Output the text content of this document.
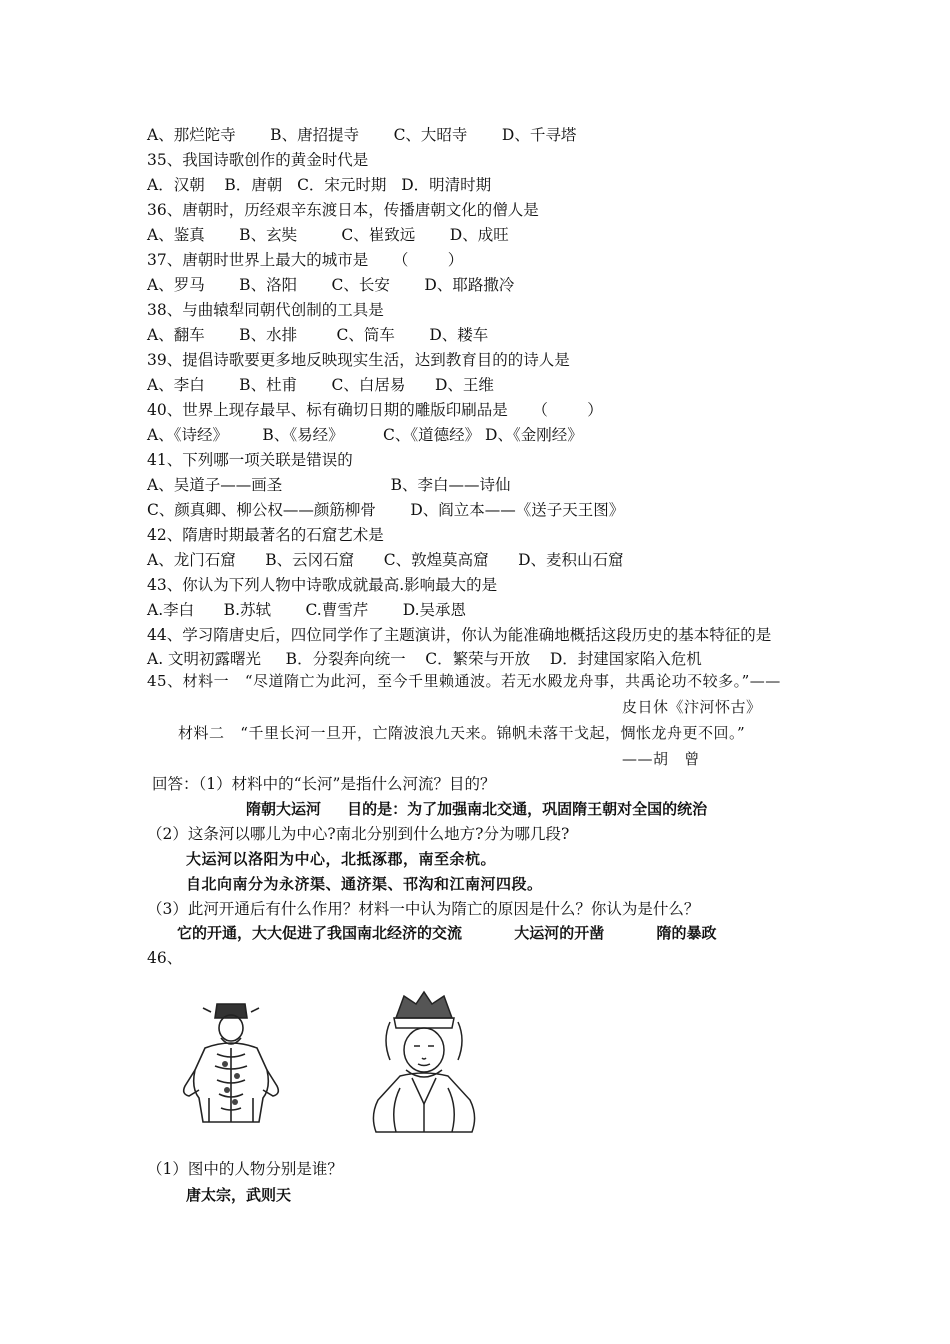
A、那烂陀寺       B、唐招提寺       C、大昭寺       D、千寻塔
35、我国诗歌创作的黄金时代是
A．汉朝    B．唐朝   C．宋元时期   D．明清时期
36、唐朝时，历经艰辛东渡日本，传播唐朝文化的僧人是
A、鉴真       B、玄奘         C、崔致远       D、成旺
37、唐朝时世界上最大的城市是     （        ）
A、罗马       B、洛阳       C、长安       D、耶路撒冷
38、与曲辕犁同朝代创制的工具是
A、翻车       B、水排        C、筒车       D、耧车
39、提倡诗歌要更多地反映现实生活，达到教育目的的诗人是
A、李白       B、杜甫       C、白居易      D、王维
40、世界上现存最早、标有确切日期的雕版印刷品是     （        ）
A、《诗经》       B、《易经》        C、《道德经》 D、《金刚经》
41、下列哪一项关联是错误的
A、吴道子——画圣                      B、李白——诗仙
C、颜真卿、柳公权——颜筋柳骨       D、阎立本——《送子天王图》
42、隋唐时期最著名的石窟艺术是
A、龙门石窟      B、云冈石窟      C、敦煌莫高窟      D、麦积山石窟
43、你认为下列人物中诗歌成就最高.影响最大的是
A.李白      B.苏轼       C.曹雪芹       D.吴承恩
44、学习隋唐史后，四位同学作了主题演讲，你认为能准确地概括这段历史的基本特征的是
A. 文明初露曙光     B．分裂奔向统一    C．繁荣与开放    D．封建国家陷入危机
45、材料一   “尽道隋亡为此河，至今千里赖通波。若无水殿龙舟事，共禹论功不较多。”——
皮日休《汴河怀古》
材料二   “千里长河一旦开，亡隋波浪九天来。锦帆未落干戈起，惆怅龙舟更不回。”
——胡   曾
回答：（1）材料中的“长河”是指什么河流？目的？
隋朝大运河     目的是：为了加强南北交通，巩固隋王朝对全国的统治
（2）这条河以哪儿为中心?南北分别到什么地方?分为哪几段?
大运河以洛阳为中心，北抵涿郡，南至余杭。
自北向南分为永济渠、通济渠、邗沟和江南河四段。
（3）此河开通后有什么作用？材料一中认为隋亡的原因是什么？你认为是什么？
它的开通，大大促进了我国南北经济的交流          大运河的开凿          隋的暴政
46、
（1）图中的人物分别是谁？
唐太宗，武则天
